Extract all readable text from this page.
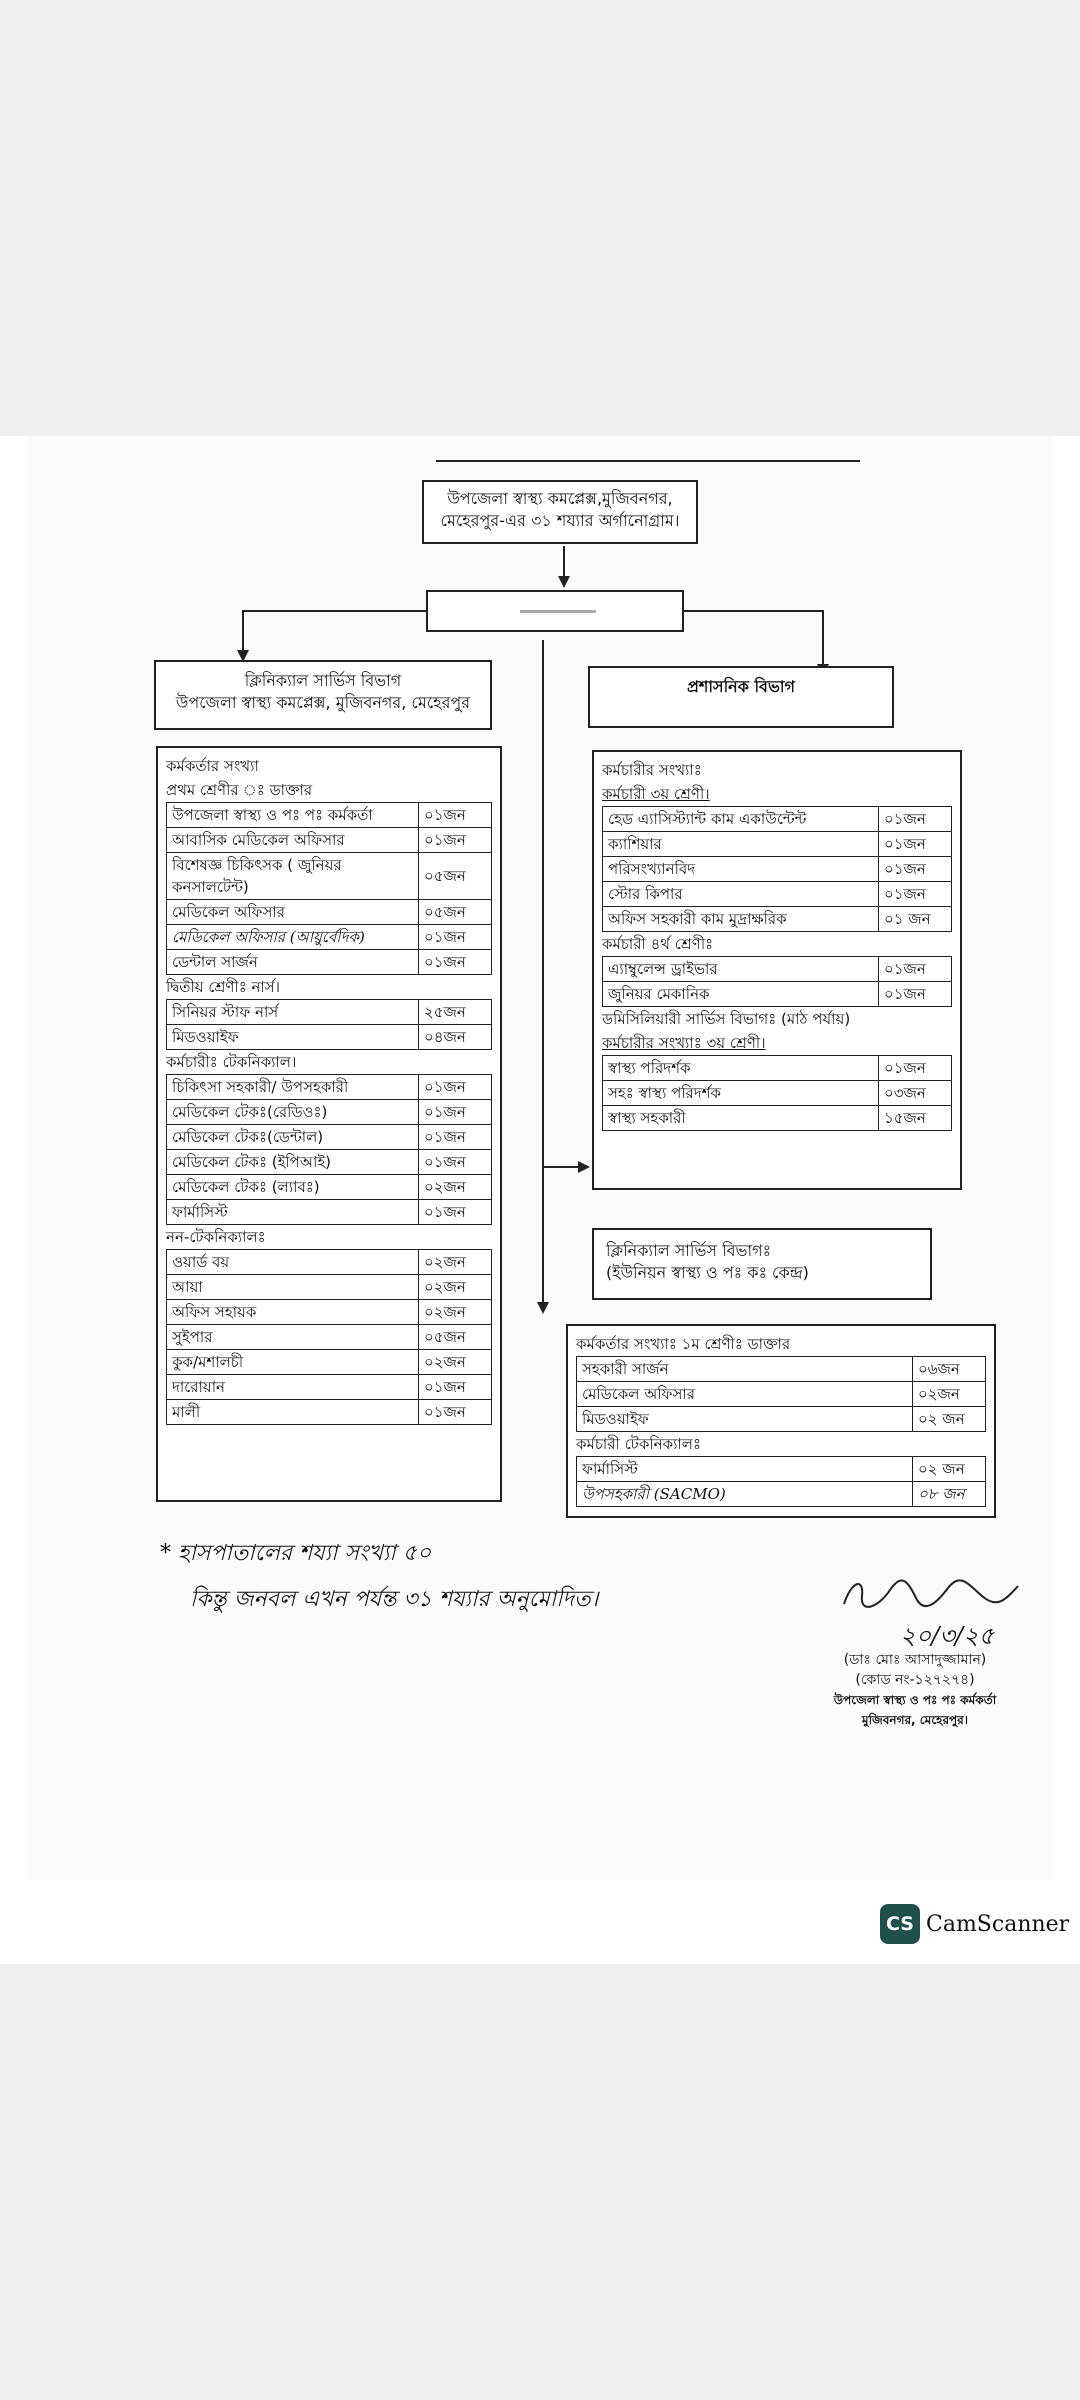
উপজেলা স্বাস্থ্য কমপ্লেক্স,মুজিবনগর,
মেহেরপুর-এর ৩১ শয্যার অর্গানোগ্রাম।
ক্লিনিক্যাল সার্ভিস বিভাগ
উপজেলা স্বাস্থ্য কমপ্লেক্স, মুজিবনগর, মেহেরপুর
প্রশাসনিক বিভাগ
কর্মকর্তার সংখ্যা
প্রথম শ্রেণীর ঃ ডাক্তার
উপজেলা স্বাস্থ্য ও পঃ পঃ কর্মকর্তা	০১জন
আবাসিক মেডিকেল অফিসার	০১জন
বিশেষজ্ঞ চিকিৎসক ( জুনিয়র কনসালটেন্ট)	০৫জন
মেডিকেল অফিসার	০৫জন
মেডিকেল অফিসার (আয়ুর্বেদিক)	০১জন
ডেন্টাল সার্জন	০১জন
দ্বিতীয় শ্রেণীঃ নার্স।
সিনিয়র স্টাফ নার্স	২৫জন
মিডওয়াইফ	০৪জন
কর্মচারীঃ টেকনিক্যাল।
চিকিৎসা সহকারী/ উপসহকারী	০১জন
মেডিকেল টেকঃ(রেডিওঃ)	০১জন
মেডিকেল টেকঃ(ডেন্টাল)	০১জন
মেডিকেল টেকঃ (ইপিআই)	০১জন
মেডিকেল টেকঃ (ল্যাবঃ)	০২জন
ফার্মাসিস্ট	০১জন
নন-টেকনিক্যালঃ
ওয়ার্ড বয়	০২জন
আয়া	০২জন
অফিস সহায়ক	০২জন
সুইপার	০৫জন
কুক/মশালচী	০২জন
দারোয়ান	০১জন
মালী	০১জন
কর্মচারীর সংখ্যাঃ
কর্মচারী ৩য় শ্রেণী।
হেড এ্যাসিস্ট্যান্ট কাম একাউন্টেন্ট	০১জন
ক্যাশিয়ার	০১জন
পরিসংখ্যানবিদ	০১জন
স্টোর কিপার	০১জন
অফিস সহকারী কাম মুদ্রাক্ষরিক	০১ জন
কর্মচারী ৪র্থ শ্রেণীঃ
এ্যাম্বুলেন্স ড্রাইভার	০১জন
জুনিয়র মেকানিক	০১জন
ডমিসিলিয়ারী সার্ভিস বিভাগঃ (মাঠ পর্যায়)
কর্মচারীর সংখ্যাঃ ৩য় শ্রেণী।
স্বাস্থ্য পরিদর্শক	০১জন
সহঃ স্বাস্থ্য পরিদর্শক	০৩জন
স্বাস্থ্য সহকারী	১৫জন
ক্লিনিক্যাল সার্ভিস বিভাগঃ
(ইউনিয়ন স্বাস্থ্য ও পঃ কঃ কেন্দ্র)
কর্মকর্তার সংখ্যাঃ ১ম শ্রেণীঃ ডাক্তার
সহকারী সার্জন	০৬জন
মেডিকেল অফিসার	০২জন
মিডওয়াইফ	০২ জন
কর্মচারী টেকনিক্যালঃ
ফার্মাসিস্ট	০২ জন
উপসহকারী (SACMO)	০৮ জন
* হাসপাতালের শয্যা সংখ্যা ৫০
কিন্তু জনবল এখন পর্যন্ত ৩১ শয্যার অনুমোদিত।
২০/৩/২৫
(ডাঃ মোঃ আসাদুজ্জামান)
(কোড নং-১২৭২৭৪)
উপজেলা স্বাস্থ্য ও পঃ পঃ কর্মকর্তা
মুজিবনগর, মেহেরপুর।
CS CamScanner
